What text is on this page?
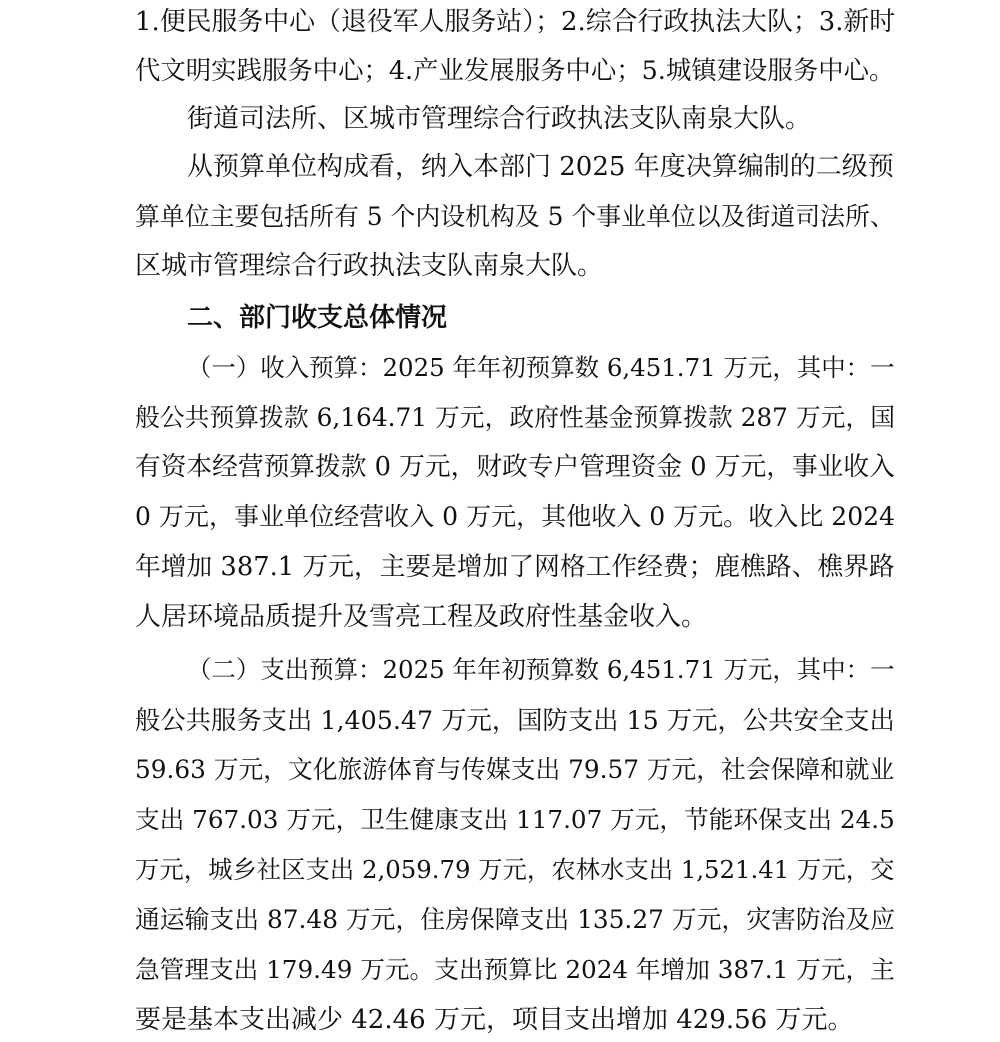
1.便民服务中心（退役军人服务站）；2.综合行政执法大队；3.新时
代文明实践服务中心；4.产业发展服务中心；5.城镇建设服务中心。
街道司法所、区城市管理综合行政执法支队南泉大队。
从预算单位构成看，纳入本部门 2025 年度决算编制的二级预
算单位主要包括所有 5 个内设机构及 5 个事业单位以及街道司法所、
区城市管理综合行政执法支队南泉大队。
二、部门收支总体情况
（一）收入预算：2025 年年初预算数 6,451.71 万元，其中：一
般公共预算拨款 6,164.71 万元，政府性基金预算拨款 287 万元，国
有资本经营预算拨款 0 万元，财政专户管理资金 0 万元，事业收入
0 万元，事业单位经营收入 0 万元，其他收入 0 万元。收入比 2024
年增加 387.1 万元，主要是增加了网格工作经费；鹿樵路、樵界路
人居环境品质提升及雪亮工程及政府性基金收入。
（二）支出预算：2025 年年初预算数 6,451.71 万元，其中：一
般公共服务支出 1,405.47 万元，国防支出 15 万元，公共安全支出
59.63 万元，文化旅游体育与传媒支出 79.57 万元，社会保障和就业
支出 767.03 万元，卫生健康支出 117.07 万元，节能环保支出 24.5
万元，城乡社区支出 2,059.79 万元，农林水支出 1,521.41 万元，交
通运输支出 87.48 万元，住房保障支出 135.27 万元，灾害防治及应
急管理支出 179.49 万元。支出预算比 2024 年增加 387.1 万元，主
要是基本支出减少 42.46 万元，项目支出增加 429.56 万元。
